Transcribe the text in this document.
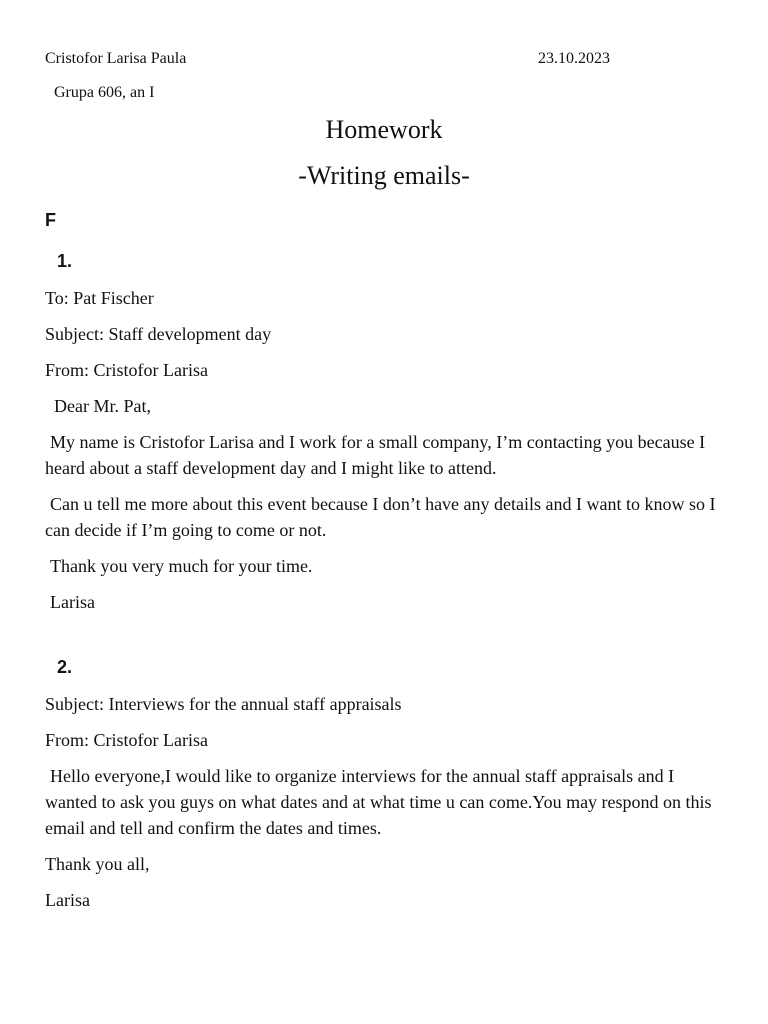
Cristofor Larisa Paula	23.10.2023
Grupa 606, an I
Homework
-Writing emails-
F
1.
To: Pat Fischer
Subject: Staff development day
From: Cristofor Larisa
Dear Mr. Pat,
My name is Cristofor Larisa and I work for a small company, I’m contacting you because I heard about a staff development day and I might like to attend.
Can u tell me more about this event because I don’t have any details and I want to know so I can decide if I’m going to come or not.
Thank you very much for your time.
Larisa
2.
Subject: Interviews for the annual staff appraisals
From: Cristofor Larisa
Hello everyone,I would like to organize interviews for the annual staff appraisals and I wanted to ask you guys on what dates and at what time u can come.You may respond on this email and tell and confirm the dates and times.
Thank you all,
Larisa
